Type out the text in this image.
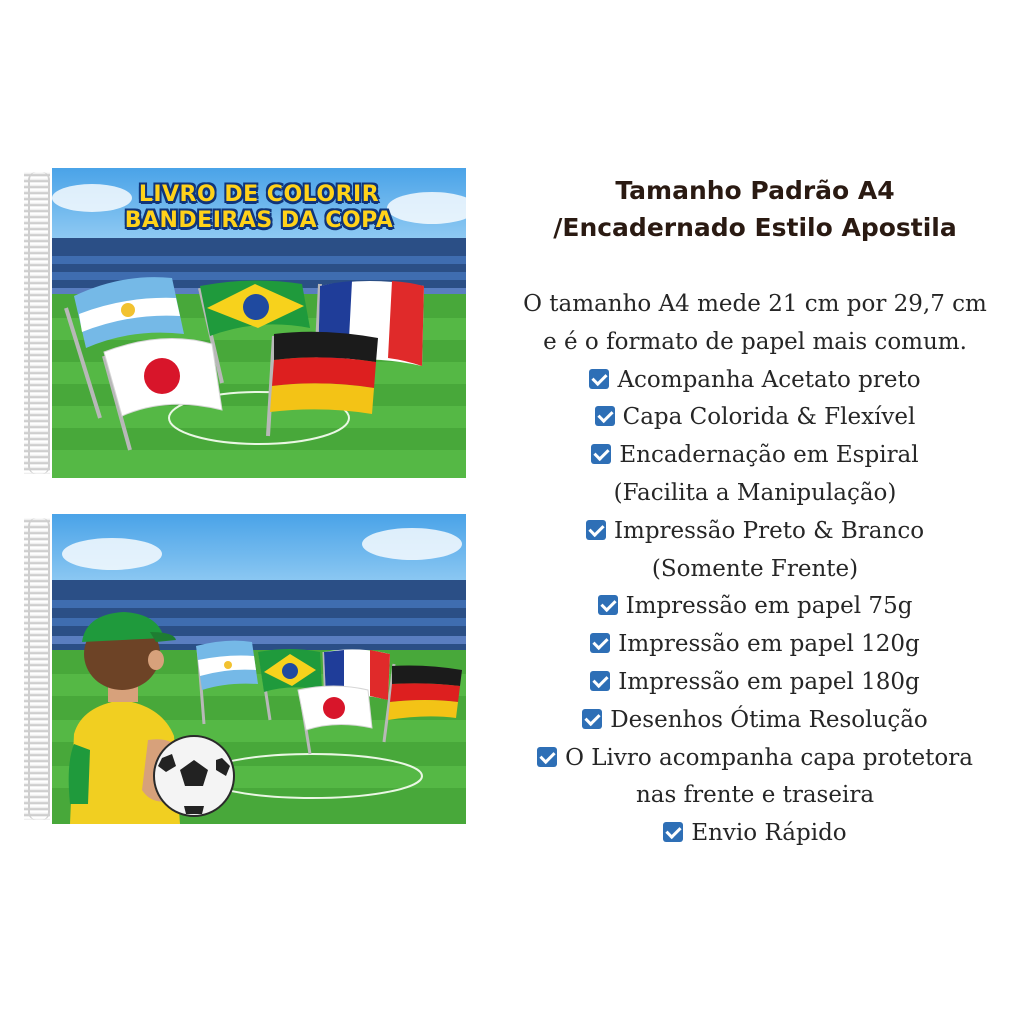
LIVRO DE COLORIR
BANDEIRAS DA COPA
Tamanho Padrão A4
/Encadernado Estilo Apostila
O tamanho A4 mede 21 cm por 29,7 cm
e é o formato de papel mais comum.
Acompanha Acetato preto
Capa Colorida & Flexível
Encadernação em Espiral
(Facilita a Manipulação)
Impressão Preto & Branco
(Somente Frente)
Impressão em papel 75g
Impressão em papel 120g
Impressão em papel 180g
Desenhos Ótima Resolução
O Livro acompanha capa protetora
nas frente e traseira
Envio Rápido
